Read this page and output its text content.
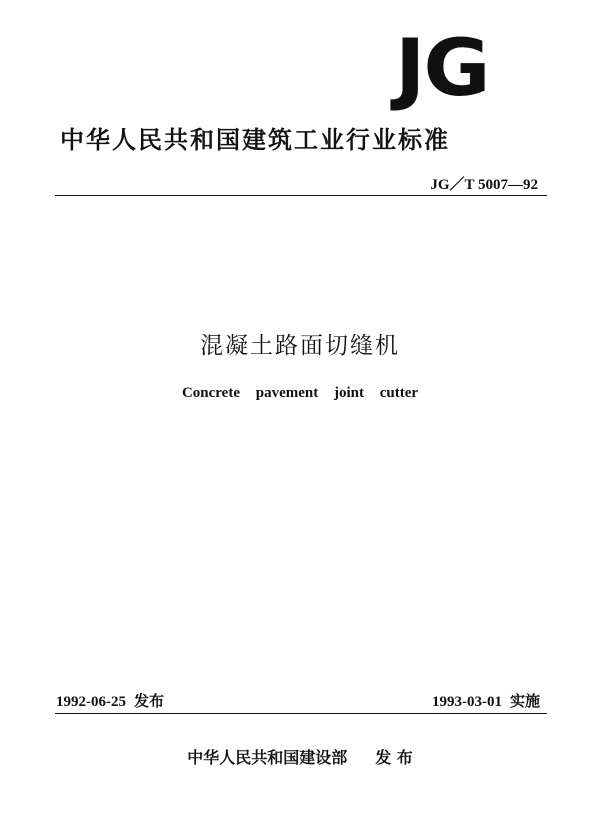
JG
中华人民共和国建筑工业行业标准
JG／T 5007—92
混凝土路面切缝机
Concrete pavement joint cutter
1992-06-25 发布	1993-03-01 实施
中华人民共和国建设部 发 布
